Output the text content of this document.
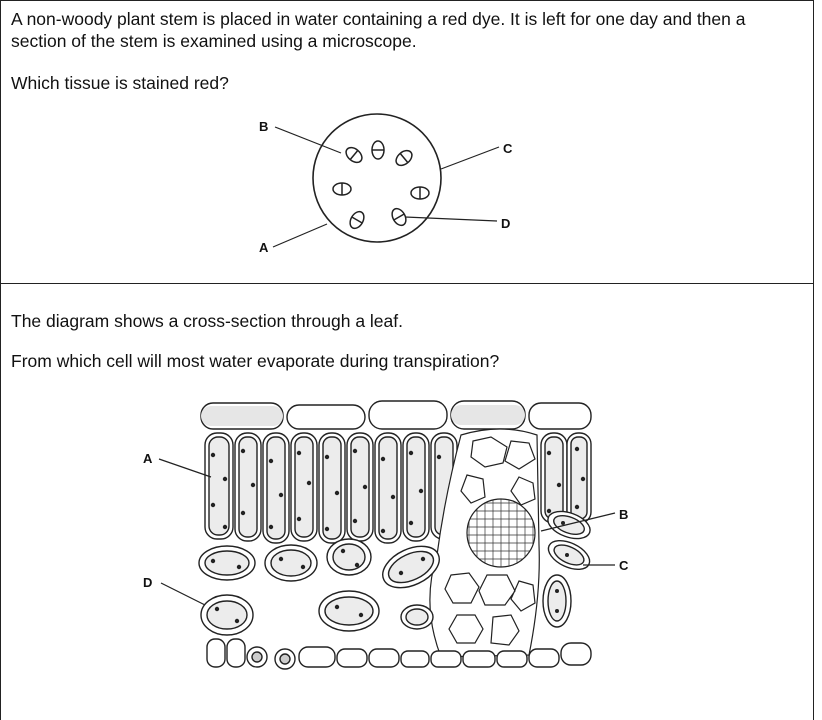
A non-woody plant stem is placed in water containing a red dye. It is left for one day and then a

section of the stem is examined using a microscope.

Which tissue is stained red?

B
C
D
A

The diagram shows a cross-section through a leaf.

From which cell will most water evaporate during transpiration?

A
D
B
C
